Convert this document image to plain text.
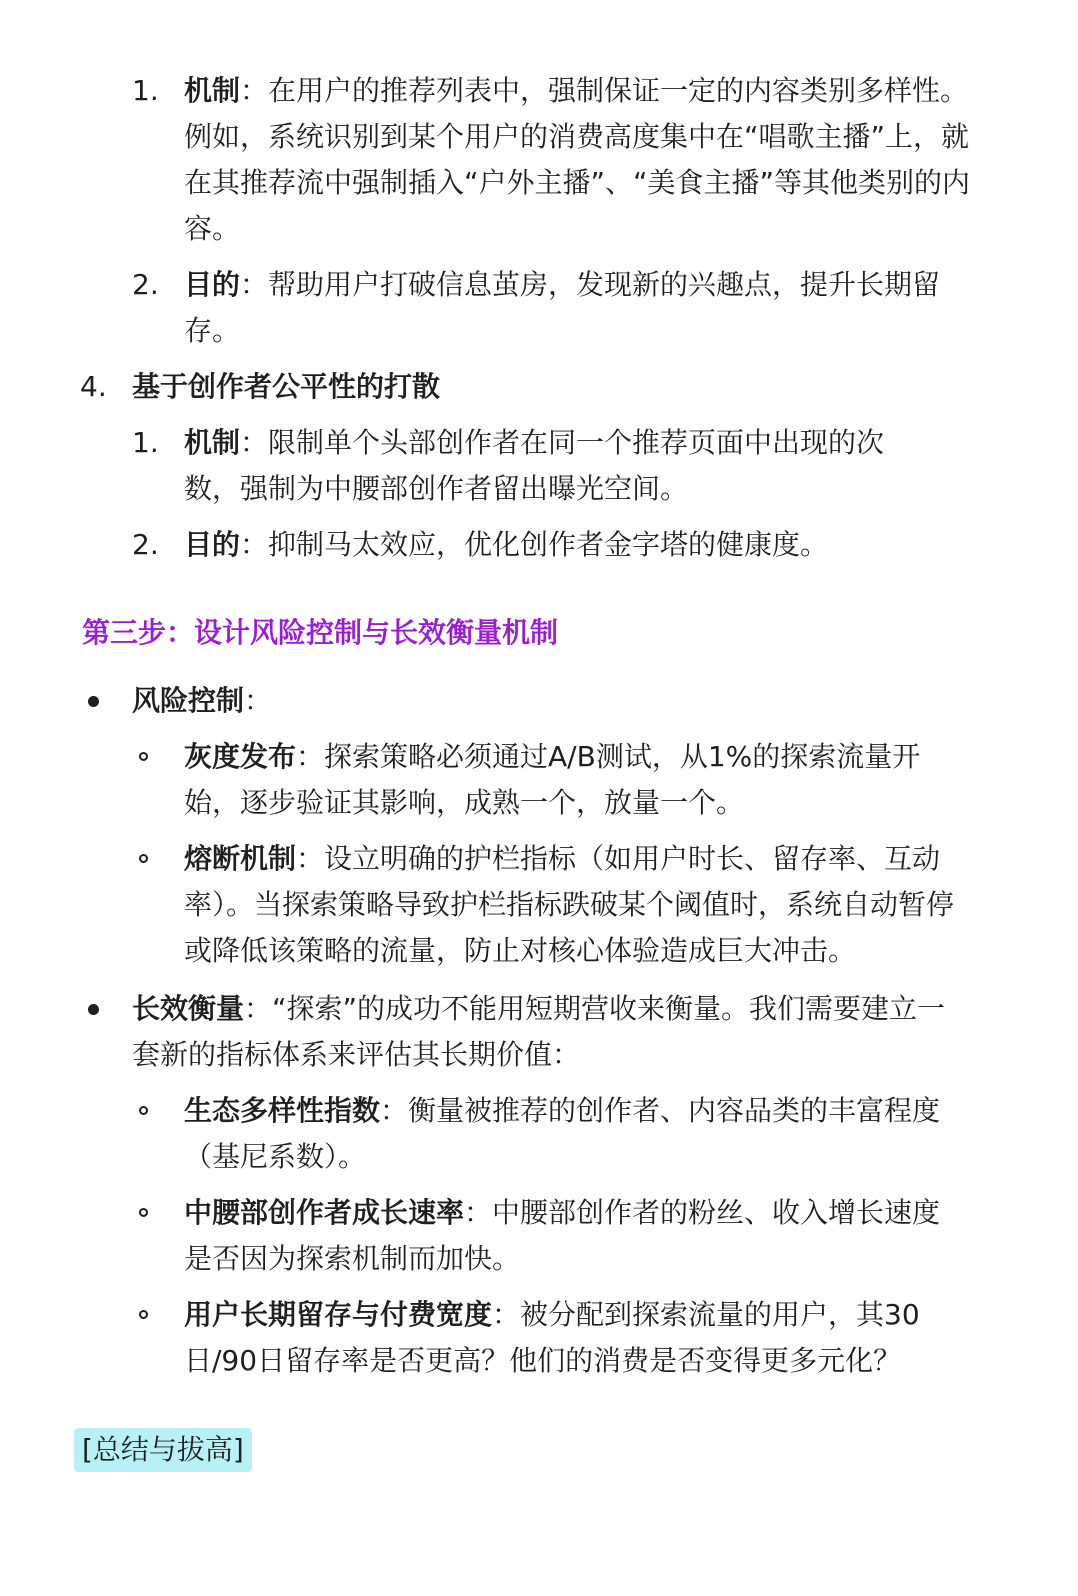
1. 机制：在用户的推荐列表中，强制保证一定的内容类别多样性。例如，系统识别到某个用户的消费高度集中在“唱歌主播”上，就在其推荐流中强制插入“户外主播”、“美食主播”等其他类别的内容。
2. 目的：帮助用户打破信息茧房，发现新的兴趣点，提升长期留存。
4. 基于创作者公平性的打散
1. 机制：限制单个头部创作者在同一个推荐页面中出现的次数，强制为中腰部创作者留出曝光空间。
2. 目的：抑制马太效应，优化创作者金字塔的健康度。
第三步：设计风险控制与长效衡量机制
风险控制：
灰度发布：探索策略必须通过A/B测试，从1%的探索流量开始，逐步验证其影响，成熟一个，放量一个。
熔断机制：设立明确的护栏指标（如用户时长、留存率、互动率）。当探索策略导致护栏指标跌破某个阈值时，系统自动暂停或降低该策略的流量，防止对核心体验造成巨大冲击。
长效衡量：“探索”的成功不能用短期营收来衡量。我们需要建立一套新的指标体系来评估其长期价值：
生态多样性指数：衡量被推荐的创作者、内容品类的丰富程度（基尼系数）。
中腰部创作者成长速率：中腰部创作者的粉丝、收入增长速度是否因为探索机制而加快。
用户长期留存与付费宽度：被分配到探索流量的用户，其30日/90日留存率是否更高？他们的消费是否变得更多元化？
[总结与拔高]
